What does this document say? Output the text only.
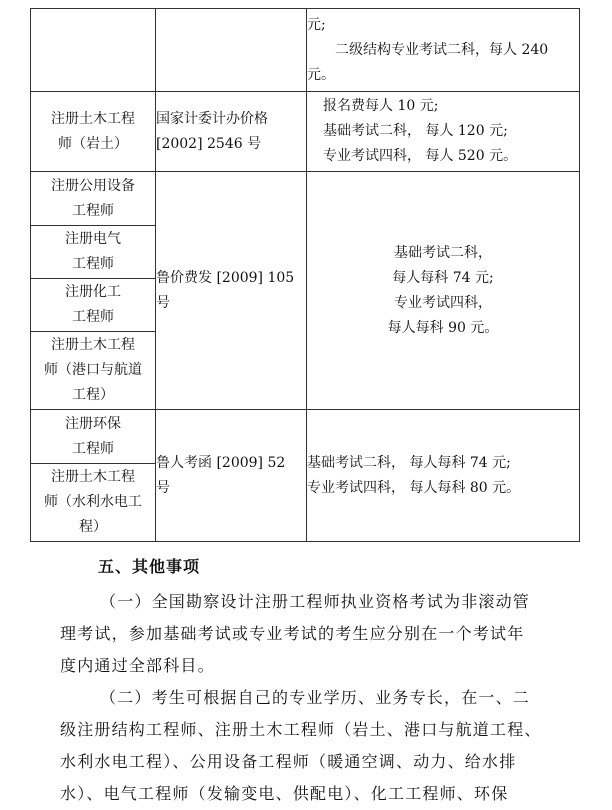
		元;
二级结构专业考试二科，每人 240
元。

注册土木工程
师（岩土）	国家计委计办价格
[2002] 2546 号	报名费每人 10 元;
基础考试二科， 每人 120 元;
专业考试四科， 每人 520 元。

注册公用设备
工程师	鲁价费发 [2009] 105
号	基础考试二科，
每人每科 74 元;
专业考试四科，
每人每科 90 元。

注册电气
工程师		

注册化工
工程师		

注册土木工程
师（港口与航道
工程）		

注册环保
工程师	鲁人考函 [2009] 52
号	基础考试二科， 每人每科 74 元;
专业考试四科， 每人每科 80 元。

注册土木工程
师（水利水电工
程）		
五、其他事项
（一）全国勘察设计注册工程师执业资格考试为非滚动管
理考试，参加基础考试或专业考试的考生应分别在一个考试年
度内通过全部科目。
（二）考生可根据自己的专业学历、业务专长，在一、二
级注册结构工程师、注册土木工程师（岩土、港口与航道工程、
水利水电工程）、公用设备工程师（暖通空调、动力、给水排
水）、电气工程师（发输变电、供配电）、化工工程师、环保
